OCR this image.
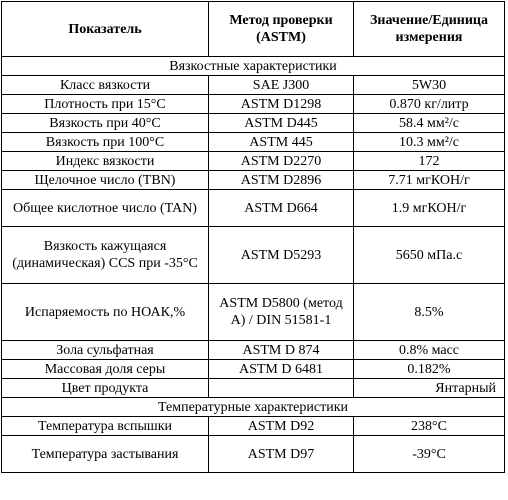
Показатель	Метод проверки (ASTM)	Значение/Единица измерения
Вязкостные характеристики		
Класс вязкости	SAE J300	5W30
Плотность при 15°С	ASTM D1298	0.870 кг/литр
Вязкость при 40°С	ASTM D445	58.4 мм²/с
Вязкость при 100°С	ASTM 445	10.3 мм²/с
Индекс вязкости	ASTM D2270	172
Щелочное число (TBN)	ASTM D2896	7.71 мгКОН/г
Общее кислотное число (TAN)	ASTM D664	1.9 мгКОН/г
Вязкость кажущаяся (динамическая) CCS при -35°С	ASTM D5293	5650 мПа.с
Испаряемость по НОАК,%	ASTM D5800 (метод А) / DIN 51581-1	8.5%
Зола сульфатная	ASTM D 874	0.8% масс
Массовая доля серы	ASTM D 6481	0.182%
Цвет продукта		Янтарный
Температурные характеристики		
Температура вспышки	ASTM D92	238°С
Температура застывания	ASTM D97	-39°С
